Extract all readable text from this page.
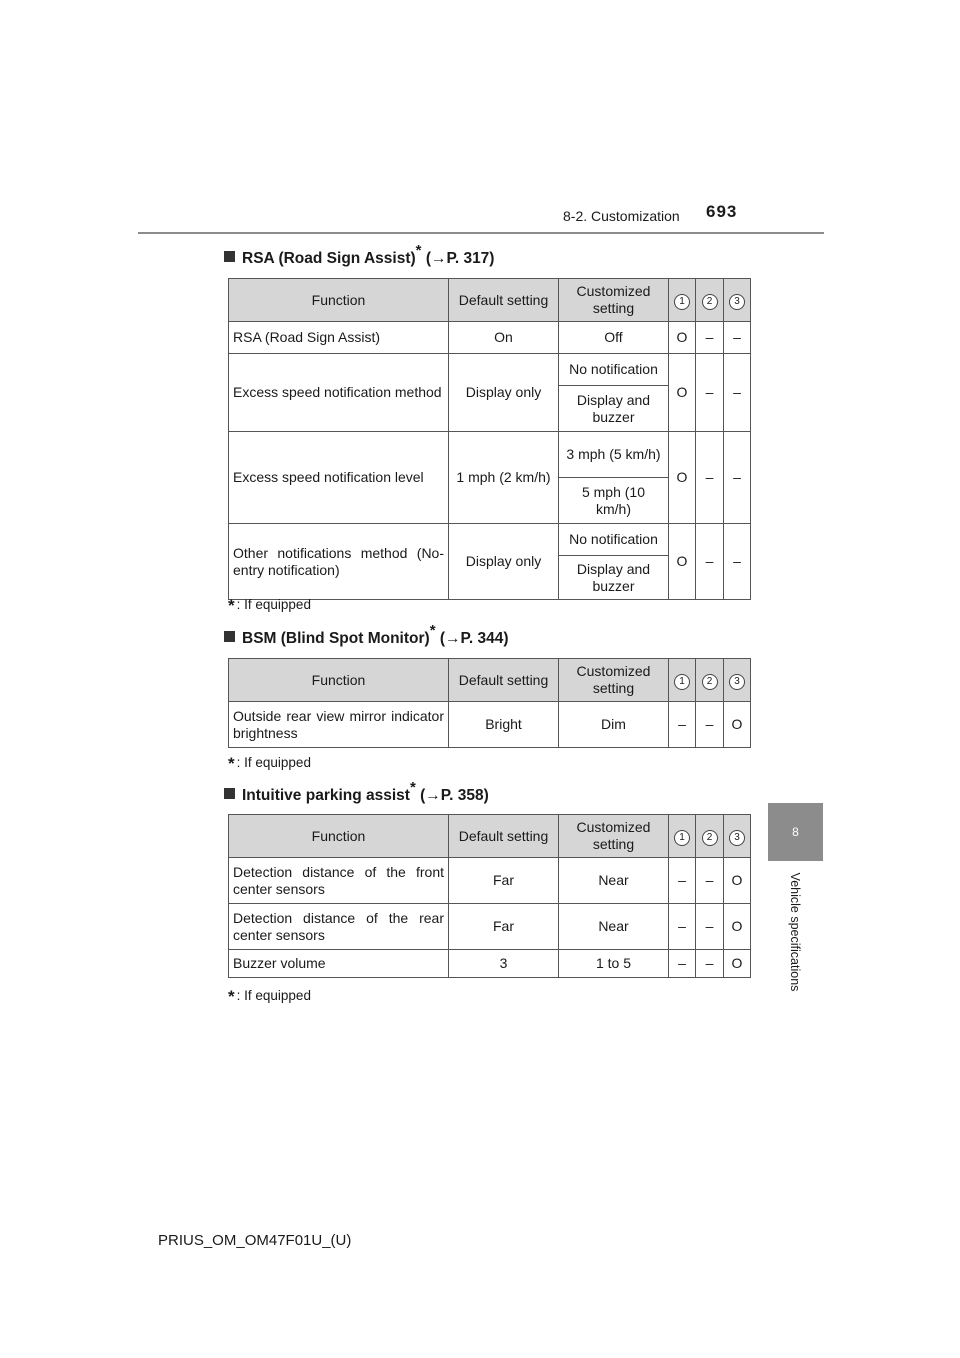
8-2. Customization 693
8
Vehicle specifications
RSA (Road Sign Assist)* (→P. 317)
Function	Default setting	Customized setting	1	2	3
RSA (Road Sign Assist)	On	Off	O	–	–
Excess speed notification method	Display only	No notification	O	–	–
		Display and buzzer			
Excess speed notification level	1 mph (2 km/h)	3 mph (5 km/h)	O	–	–
		5 mph (10 km/h)			
Other notifications method (No-entry notification)	Display only	No notification	O	–	–
		Display and buzzer			
* : If equipped
BSM (Blind Spot Monitor)* (→P. 344)
Function	Default setting	Customized setting	1	2	3
Outside rear view mirror indicator brightness	Bright	Dim	–	–	O
* : If equipped
Intuitive parking assist* (→P. 358)
Function	Default setting	Customized setting	1	2	3
Detection distance of the front center sensors	Far	Near	–	–	O
Detection distance of the rear center sensors	Far	Near	–	–	O
Buzzer volume	3	1 to 5	–	–	O
* : If equipped
PRIUS_OM_OM47F01U_(U)
